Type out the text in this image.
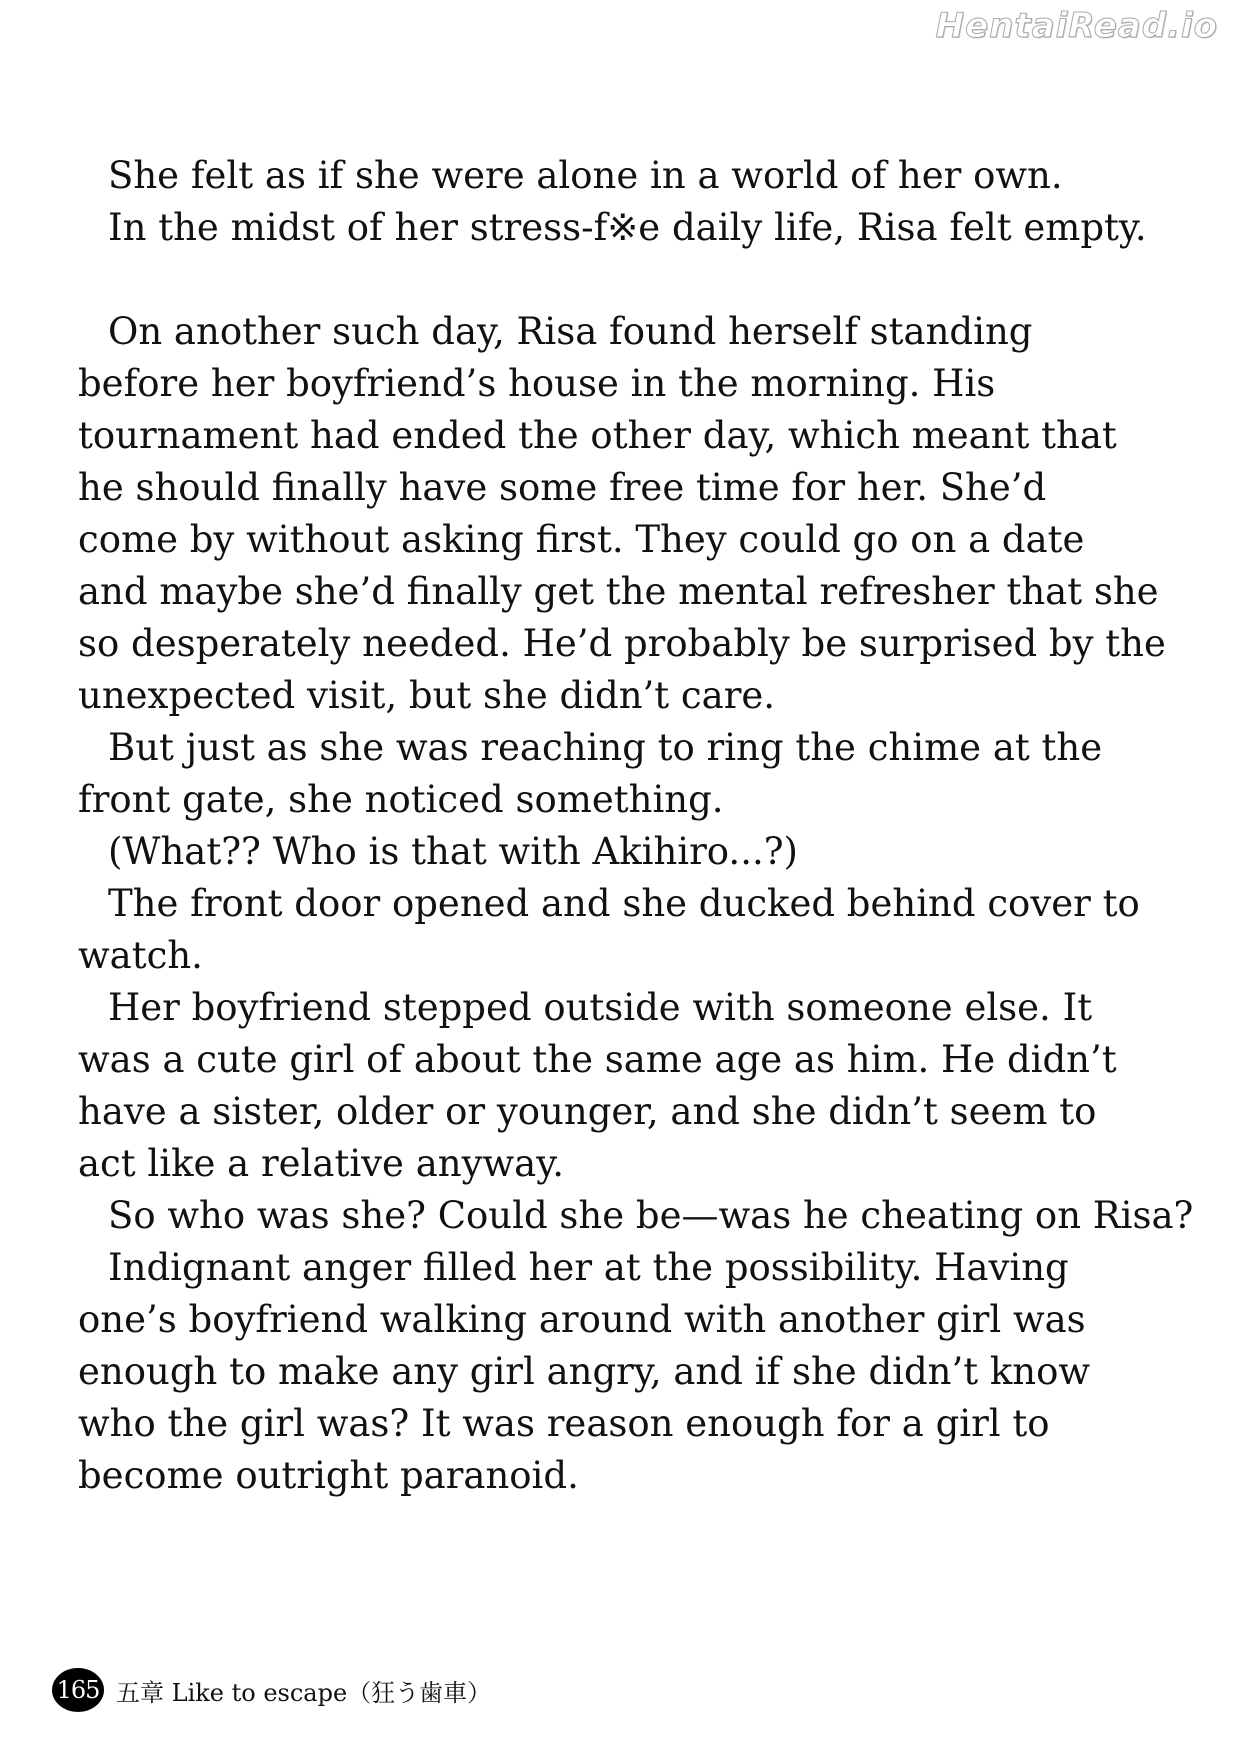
HentaiRead.io
She felt as if she were alone in a world of her own.
In the midst of her stress-f※e daily life, Risa felt empty.
On another such day, Risa found herself standing
before her boyfriend’s house in the morning. His
tournament had ended the other day, which meant that
he should finally have some free time for her. She’d
come by without asking first. They could go on a date
and maybe she’d finally get the mental refresher that she
so desperately needed. He’d probably be surprised by the
unexpected visit, but she didn’t care.
But just as she was reaching to ring the chime at the
front gate, she noticed something.
(What?? Who is that with Akihiro...?)
The front door opened and she ducked behind cover to
watch.
Her boyfriend stepped outside with someone else. It
was a cute girl of about the same age as him. He didn’t
have a sister, older or younger, and she didn’t seem to
act like a relative anyway.
So who was she? Could she be—was he cheating on Risa?
Indignant anger filled her at the possibility. Having
one’s boyfriend walking around with another girl was
enough to make any girl angry, and if she didn’t know
who the girl was? It was reason enough for a girl to
become outright paranoid.
165 五章 Like to escape（狂う歯車）
